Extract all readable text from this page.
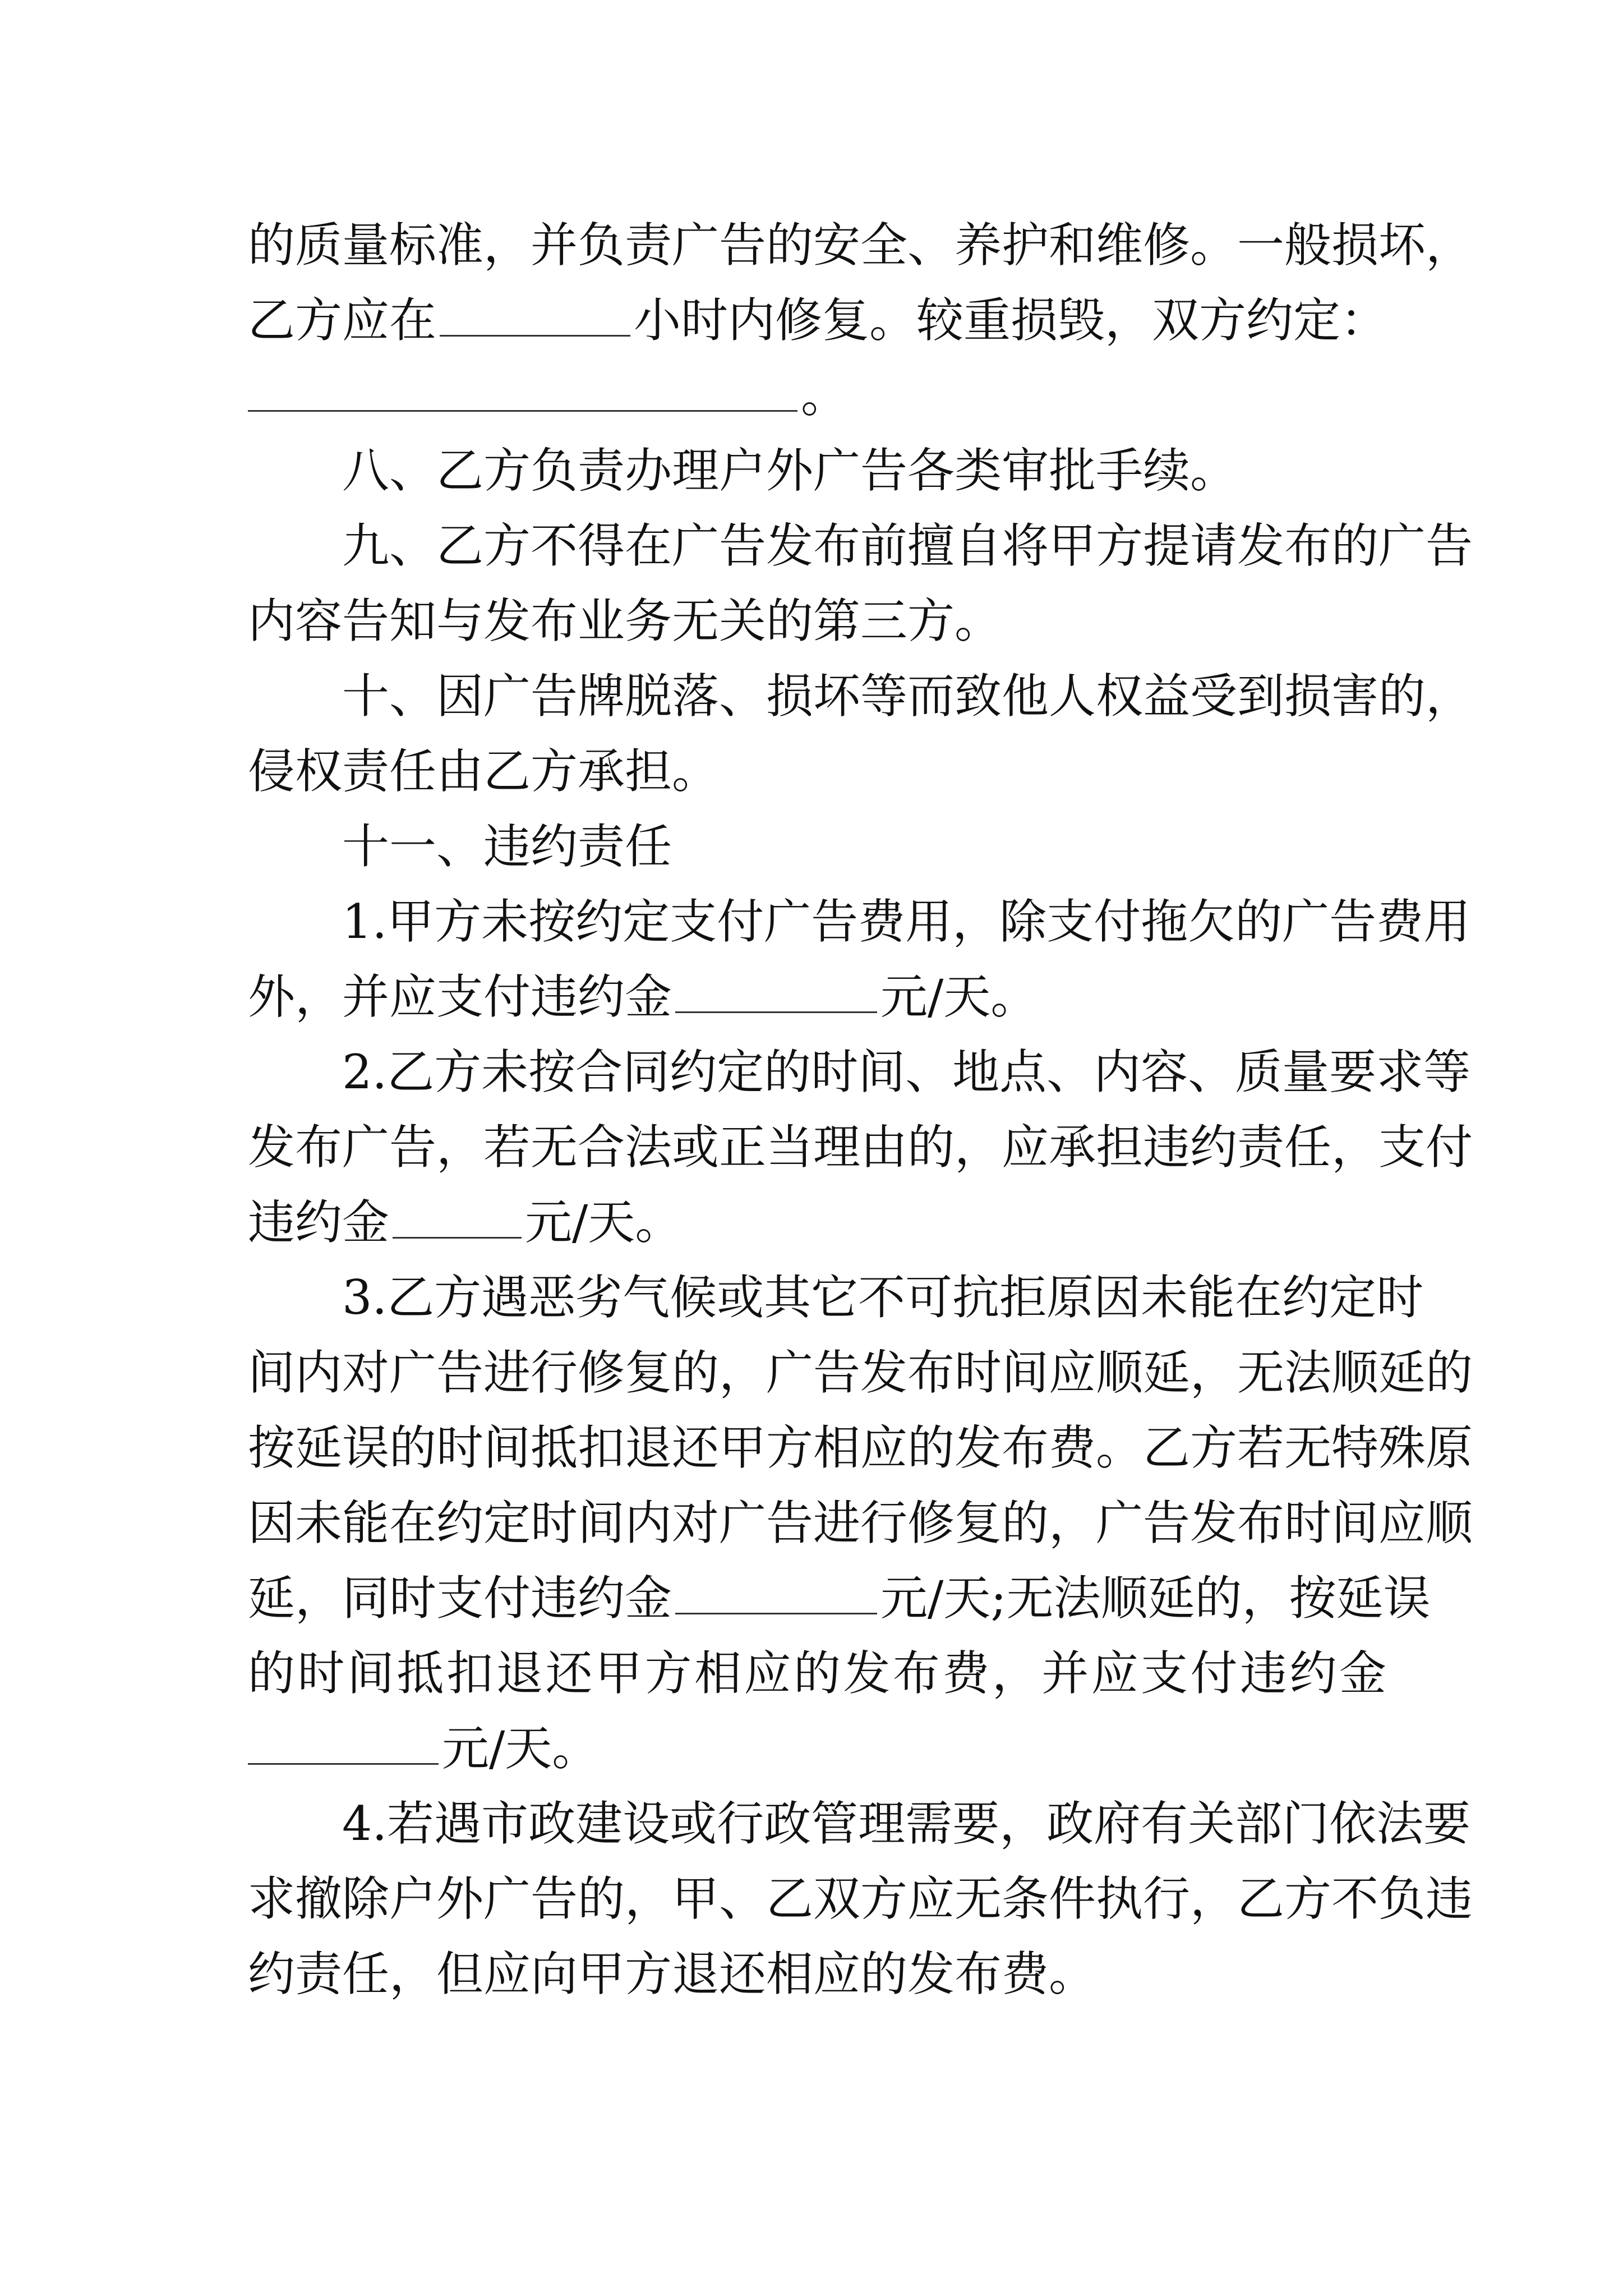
的质量标准，并负责广告的安全、养护和维修。一般损坏，
乙方应在	小时内修复。较重损毁，双方约定：
。
八、乙方负责办理户外广告各类审批手续。
九、乙方不得在广告发布前擅自将甲方提请发布的广告
内容告知与发布业务无关的第三方。
十、因广告牌脱落、损坏等而致他人权益受到损害的，
侵权责任由乙方承担。
十一、违约责任
1.甲方未按约定支付广告费用，除支付拖欠的广告费用
外，并应支付违约金	元/天。
2.乙方未按合同约定的时间、地点、内容、质量要求等
发布广告，若无合法或正当理由的，应承担违约责任，支付
违约金	元/天。
3.乙方遇恶劣气候或其它不可抗拒原因未能在约定时
间内对广告进行修复的，广告发布时间应顺延，无法顺延的
按延误的时间抵扣退还甲方相应的发布费。乙方若无特殊原
因未能在约定时间内对广告进行修复的，广告发布时间应顺
延，同时支付违约金	元/天;无法顺延的，按延误
的时间抵扣退还甲方相应的发布费，并应支付违约金
元/天。
4.若遇市政建设或行政管理需要，政府有关部门依法要
求撤除户外广告的，甲、乙双方应无条件执行，乙方不负违
约责任，但应向甲方退还相应的发布费。
